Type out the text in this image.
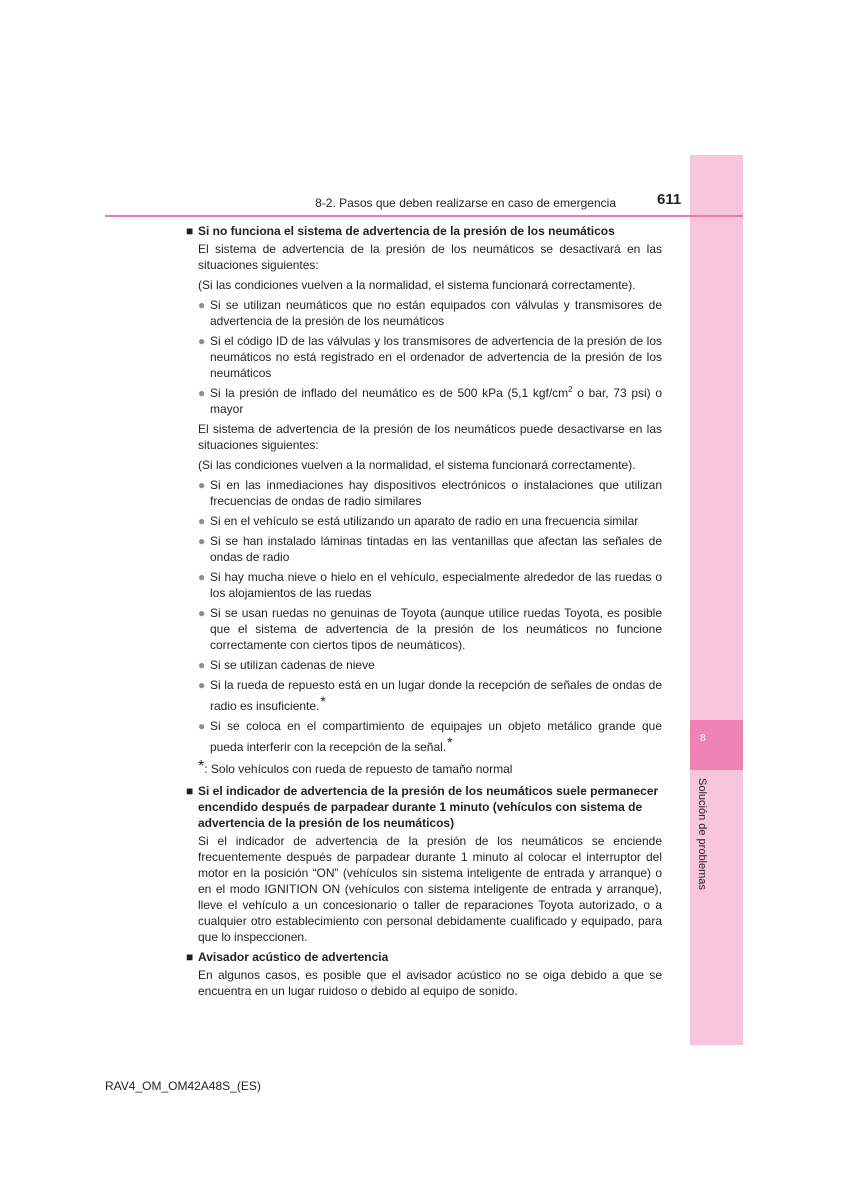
8
Solución de problemas
8-2. Pasos que deben realizarse en caso de emergencia	611
■ Si no funciona el sistema de advertencia de la presión de los neumáticos
El sistema de advertencia de la presión de los neumáticos se desactivará en las situaciones siguientes:
(Si las condiciones vuelven a la normalidad, el sistema funcionará correctamente).
● Si se utilizan neumáticos que no están equipados con válvulas y transmisores de advertencia de la presión de los neumáticos
● Si el código ID de las válvulas y los transmisores de advertencia de la presión de los neumáticos no está registrado en el ordenador de advertencia de la presión de los neumáticos
● Si la presión de inflado del neumático es de 500 kPa (5,1 kgf/$cm^2$ o bar, 73 psi) o mayor
El sistema de advertencia de la presión de los neumáticos puede desactivarse en las situaciones siguientes:
(Si las condiciones vuelven a la normalidad, el sistema funcionará correctamente).
● Si en las inmediaciones hay dispositivos electrónicos o instalaciones que utilizan frecuencias de ondas de radio similares
● Si en el vehículo se está utilizando un aparato de radio en una frecuencia similar
● Si se han instalado láminas tintadas en las ventanillas que afectan las señales de ondas de radio
● Si hay mucha nieve o hielo en el vehículo, especialmente alrededor de las ruedas o los alojamientos de las ruedas
● Si se usan ruedas no genuinas de Toyota (aunque utilice ruedas Toyota, es posible que el sistema de advertencia de la presión de los neumáticos no funcione correctamente con ciertos tipos de neumáticos).
● Si se utilizan cadenas de nieve
● Si la rueda de repuesto está en un lugar donde la recepción de señales de ondas de radio es insuficiente.*
● Si se coloca en el compartimiento de equipajes un objeto metálico grande que pueda interferir con la recepción de la señal.*
*: Solo vehículos con rueda de repuesto de tamaño normal
■ Si el indicador de advertencia de la presión de los neumáticos suele permanecer encendido después de parpadear durante 1 minuto (vehículos con sistema de advertencia de la presión de los neumáticos)
Si el indicador de advertencia de la presión de los neumáticos se enciende frecuentemente después de parpadear durante 1 minuto al colocar el interruptor del motor en la posición “ON” (vehículos sin sistema inteligente de entrada y arranque) o en el modo IGNITION ON (vehículos con sistema inteligente de entrada y arranque), lleve el vehículo a un concesionario o taller de reparaciones Toyota autorizado, o a cualquier otro establecimiento con personal debidamente cualificado y equipado, para que lo inspeccionen.
■ Avisador acústico de advertencia
En algunos casos, es posible que el avisador acústico no se oiga debido a que se encuentra en un lugar ruidoso o debido al equipo de sonido.
RAV4_OM_OM42A48S_(ES)
